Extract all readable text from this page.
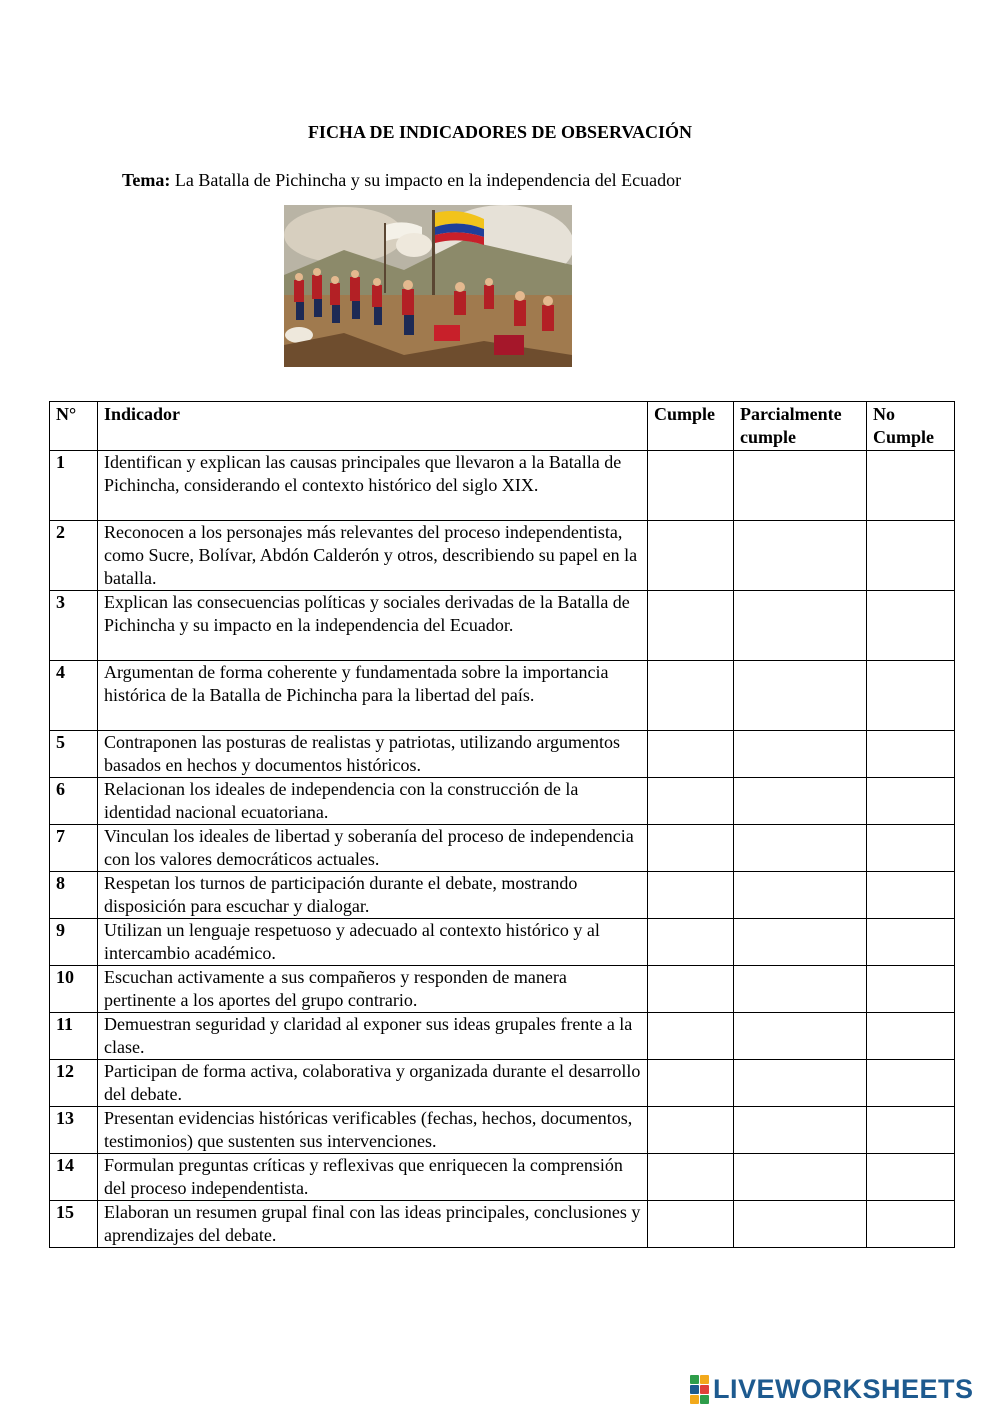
FICHA DE INDICADORES DE OBSERVACIÓN
Tema: La Batalla de Pichincha y su impacto en la independencia del Ecuador
N°	Indicador	Cumple	Parcialmente cumple	No Cumple
1	Identifican y explican las causas principales que llevaron a la Batalla de Pichincha, considerando el contexto histórico del siglo XIX.			
2	Reconocen a los personajes más relevantes del proceso independentista, como Sucre, Bolívar, Abdón Calderón y otros, describiendo su papel en la batalla.			
3	Explican las consecuencias políticas y sociales derivadas de la Batalla de Pichincha y su impacto en la independencia del Ecuador.			
4	Argumentan de forma coherente y fundamentada sobre la importancia histórica de la Batalla de Pichincha para la libertad del país.			
5	Contraponen las posturas de realistas y patriotas, utilizando argumentos basados en hechos y documentos históricos.			
6	Relacionan los ideales de independencia con la construcción de la identidad nacional ecuatoriana.			
7	Vinculan los ideales de libertad y soberanía del proceso de independencia con los valores democráticos actuales.			
8	Respetan los turnos de participación durante el debate, mostrando disposición para escuchar y dialogar.			
9	Utilizan un lenguaje respetuoso y adecuado al contexto histórico y al intercambio académico.			
10	Escuchan activamente a sus compañeros y responden de manera pertinente a los aportes del grupo contrario.			
11	Demuestran seguridad y claridad al exponer sus ideas grupales frente a la clase.			
12	Participan de forma activa, colaborativa y organizada durante el desarrollo del debate.			
13	Presentan evidencias históricas verificables (fechas, hechos, documentos, testimonios) que sustenten sus intervenciones.			
14	Formulan preguntas críticas y reflexivas que enriquecen la comprensión del proceso independentista.			
15	Elaboran un resumen grupal final con las ideas principales, conclusiones y aprendizajes del debate.			
LIVEWORKSHEETS
